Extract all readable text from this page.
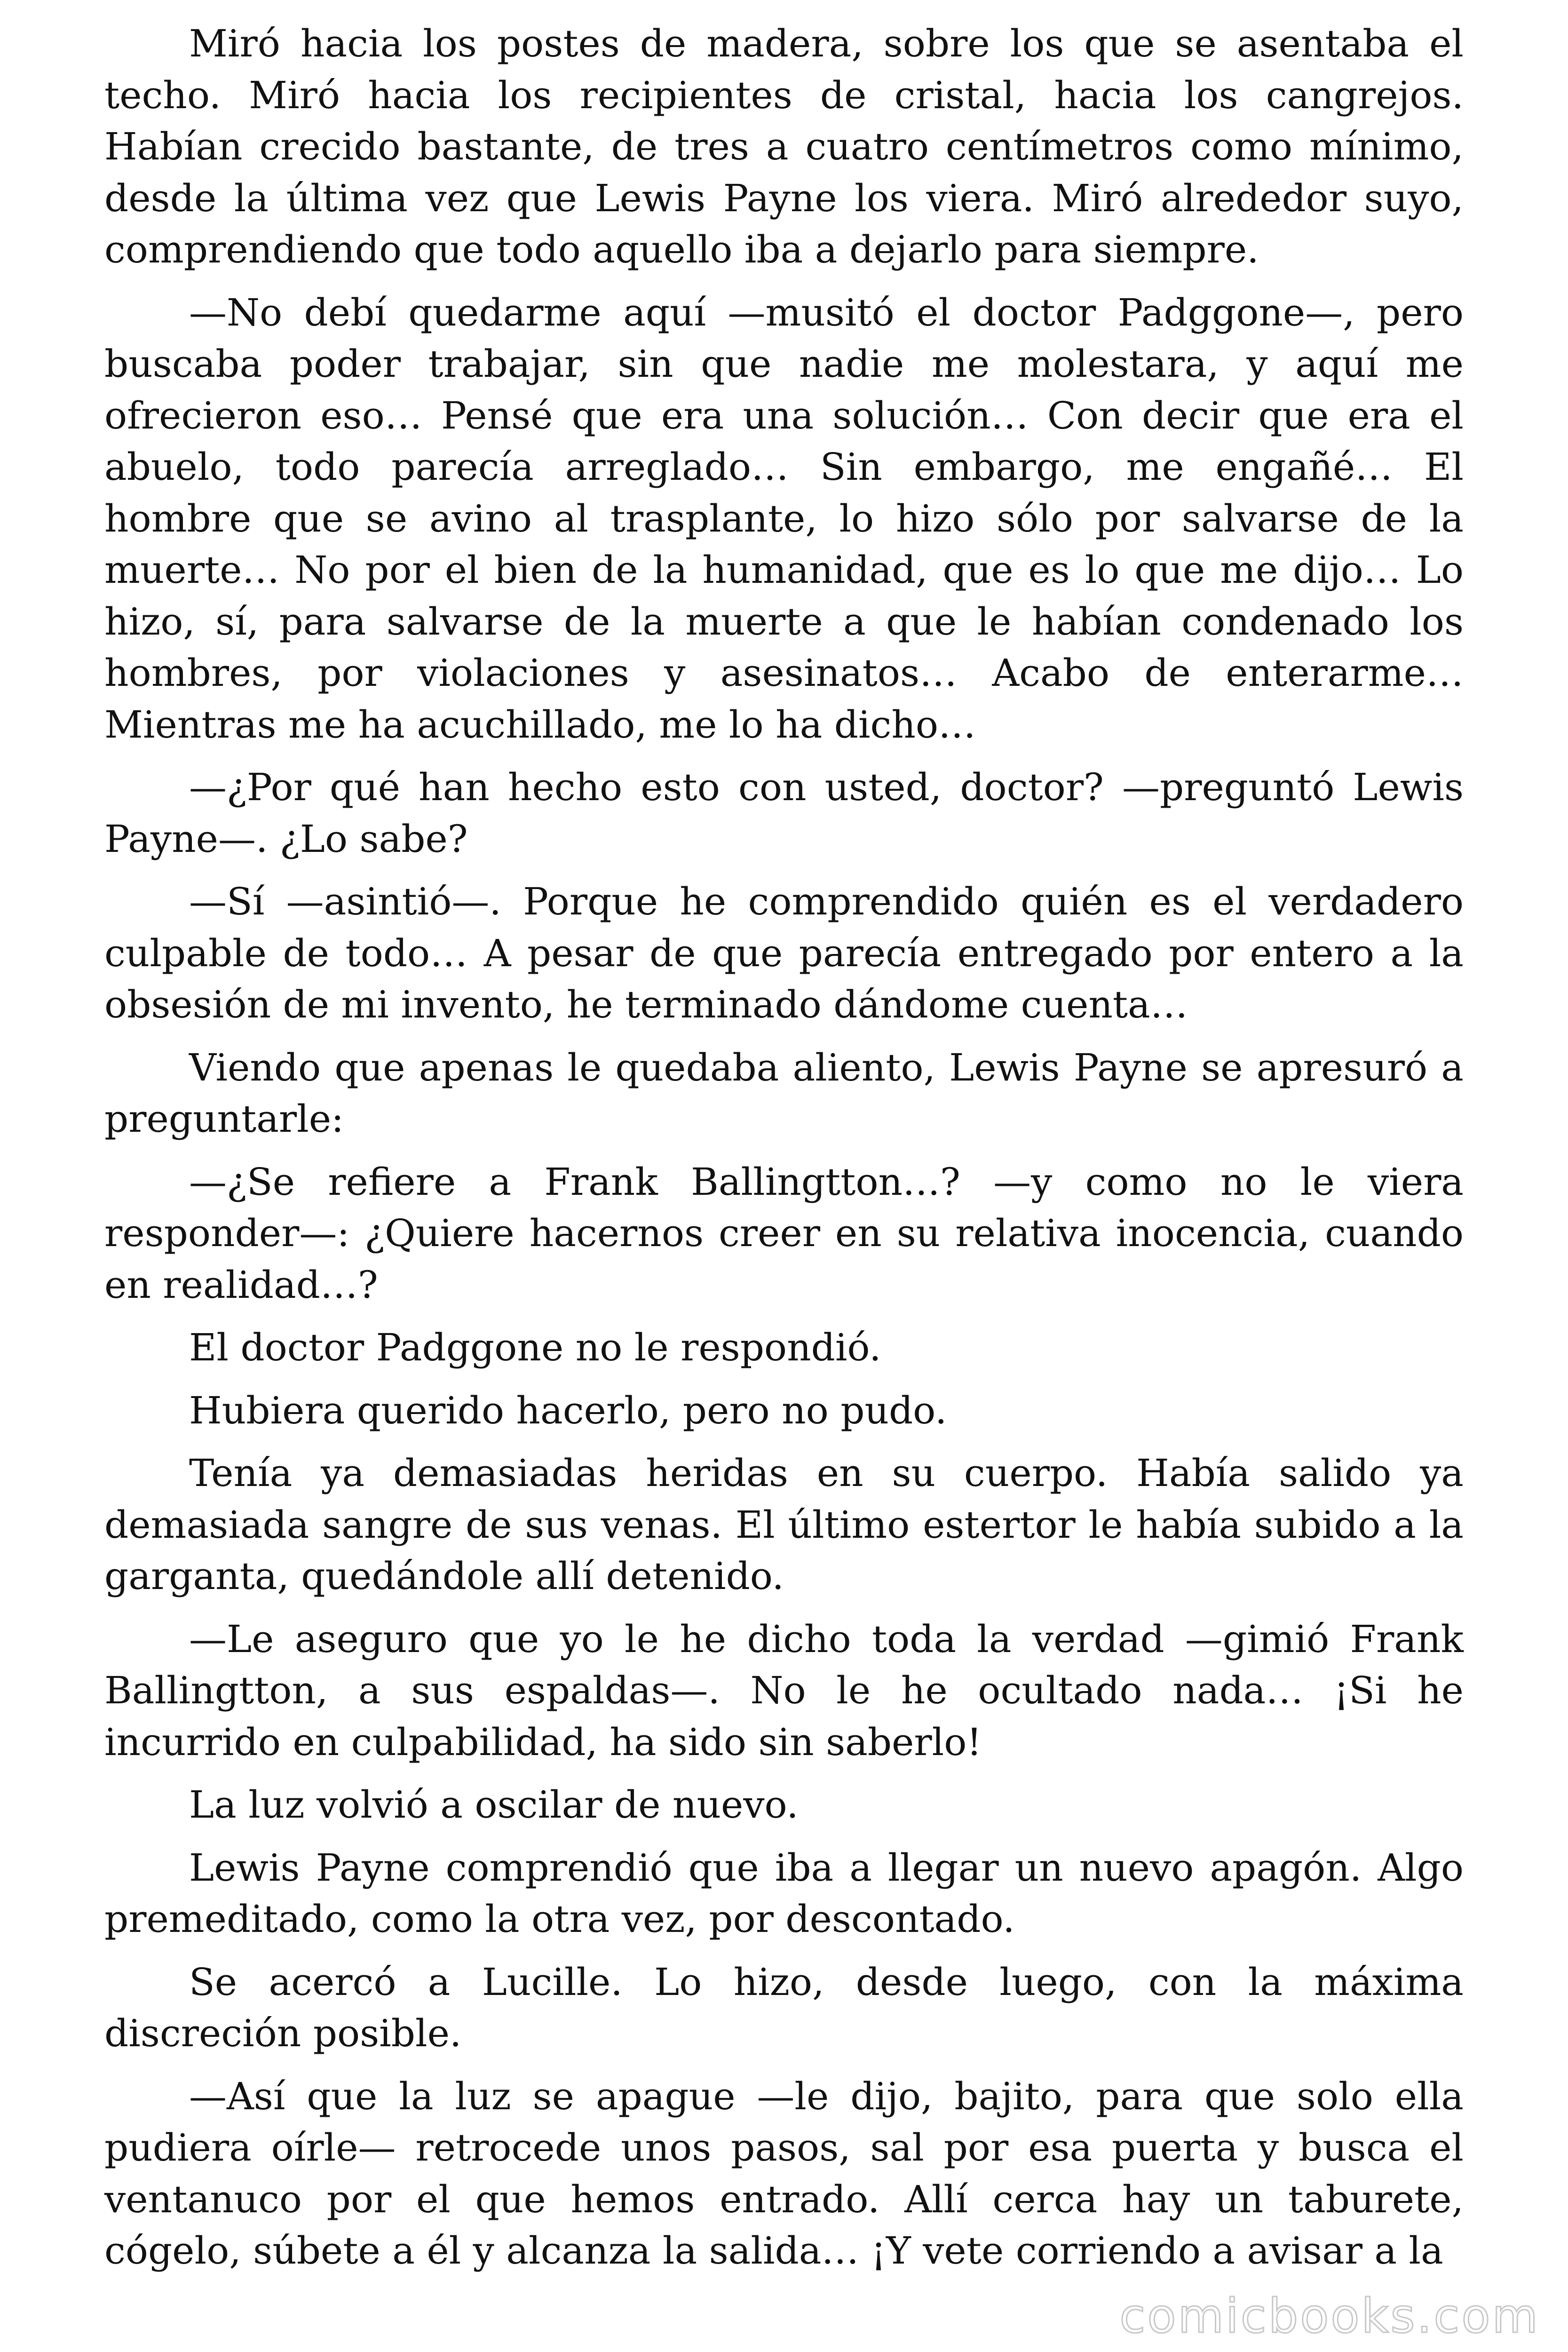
Miró hacia los postes de madera, sobre los que se asentaba el techo. Miró hacia los recipientes de cristal, hacia los cangrejos. Habían crecido bastante, de tres a cuatro centímetros como mínimo, desde la última vez que Lewis Payne los viera. Miró alrededor suyo, comprendiendo que todo aquello iba a dejarlo para siempre.

—No debí quedarme aquí —musitó el doctor Padggone—, pero buscaba poder trabajar, sin que nadie me molestara, y aquí me ofrecieron eso… Pensé que era una solución… Con decir que era el abuelo, todo parecía arreglado… Sin embargo, me engañé… El hombre que se avino al trasplante, lo hizo sólo por salvarse de la muerte… No por el bien de la humanidad, que es lo que me dijo… Lo hizo, sí, para salvarse de la muerte a que le habían condenado los hombres, por violaciones y asesinatos… Acabo de enterarme… Mientras me ha acuchillado, me lo ha dicho…

—¿Por qué han hecho esto con usted, doctor? —preguntó Lewis Payne—. ¿Lo sabe?

—Sí —asintió—. Porque he comprendido quién es el verdadero culpable de todo… A pesar de que parecía entregado por entero a la obsesión de mi invento, he terminado dándome cuenta…

Viendo que apenas le quedaba aliento, Lewis Payne se apresuró a preguntarle:

—¿Se refiere a Frank Ballingtton…? —y como no le viera responder—: ¿Quiere hacernos creer en su relativa inocencia, cuando en realidad…?

El doctor Padggone no le respondió.

Hubiera querido hacerlo, pero no pudo.

Tenía ya demasiadas heridas en su cuerpo. Había salido ya demasiada sangre de sus venas. El último estertor le había subido a la garganta, quedándole allí detenido.

—Le aseguro que yo le he dicho toda la verdad —gimió Frank Ballingtton, a sus espaldas—. No le he ocultado nada… ¡Si he incurrido en culpabilidad, ha sido sin saberlo!

La luz volvió a oscilar de nuevo.

Lewis Payne comprendió que iba a llegar un nuevo apagón. Algo premeditado, como la otra vez, por descontado.

Se acercó a Lucille. Lo hizo, desde luego, con la máxima discreción posible.

—Así que la luz se apague —le dijo, bajito, para que solo ella pudiera oírle— retrocede unos pasos, sal por esa puerta y busca el ventanuco por el que hemos entrado. Allí cerca hay un taburete, cógelo, súbete a él y alcanza la salida… ¡Y vete corriendo a avisar a la

comicbooks.com
